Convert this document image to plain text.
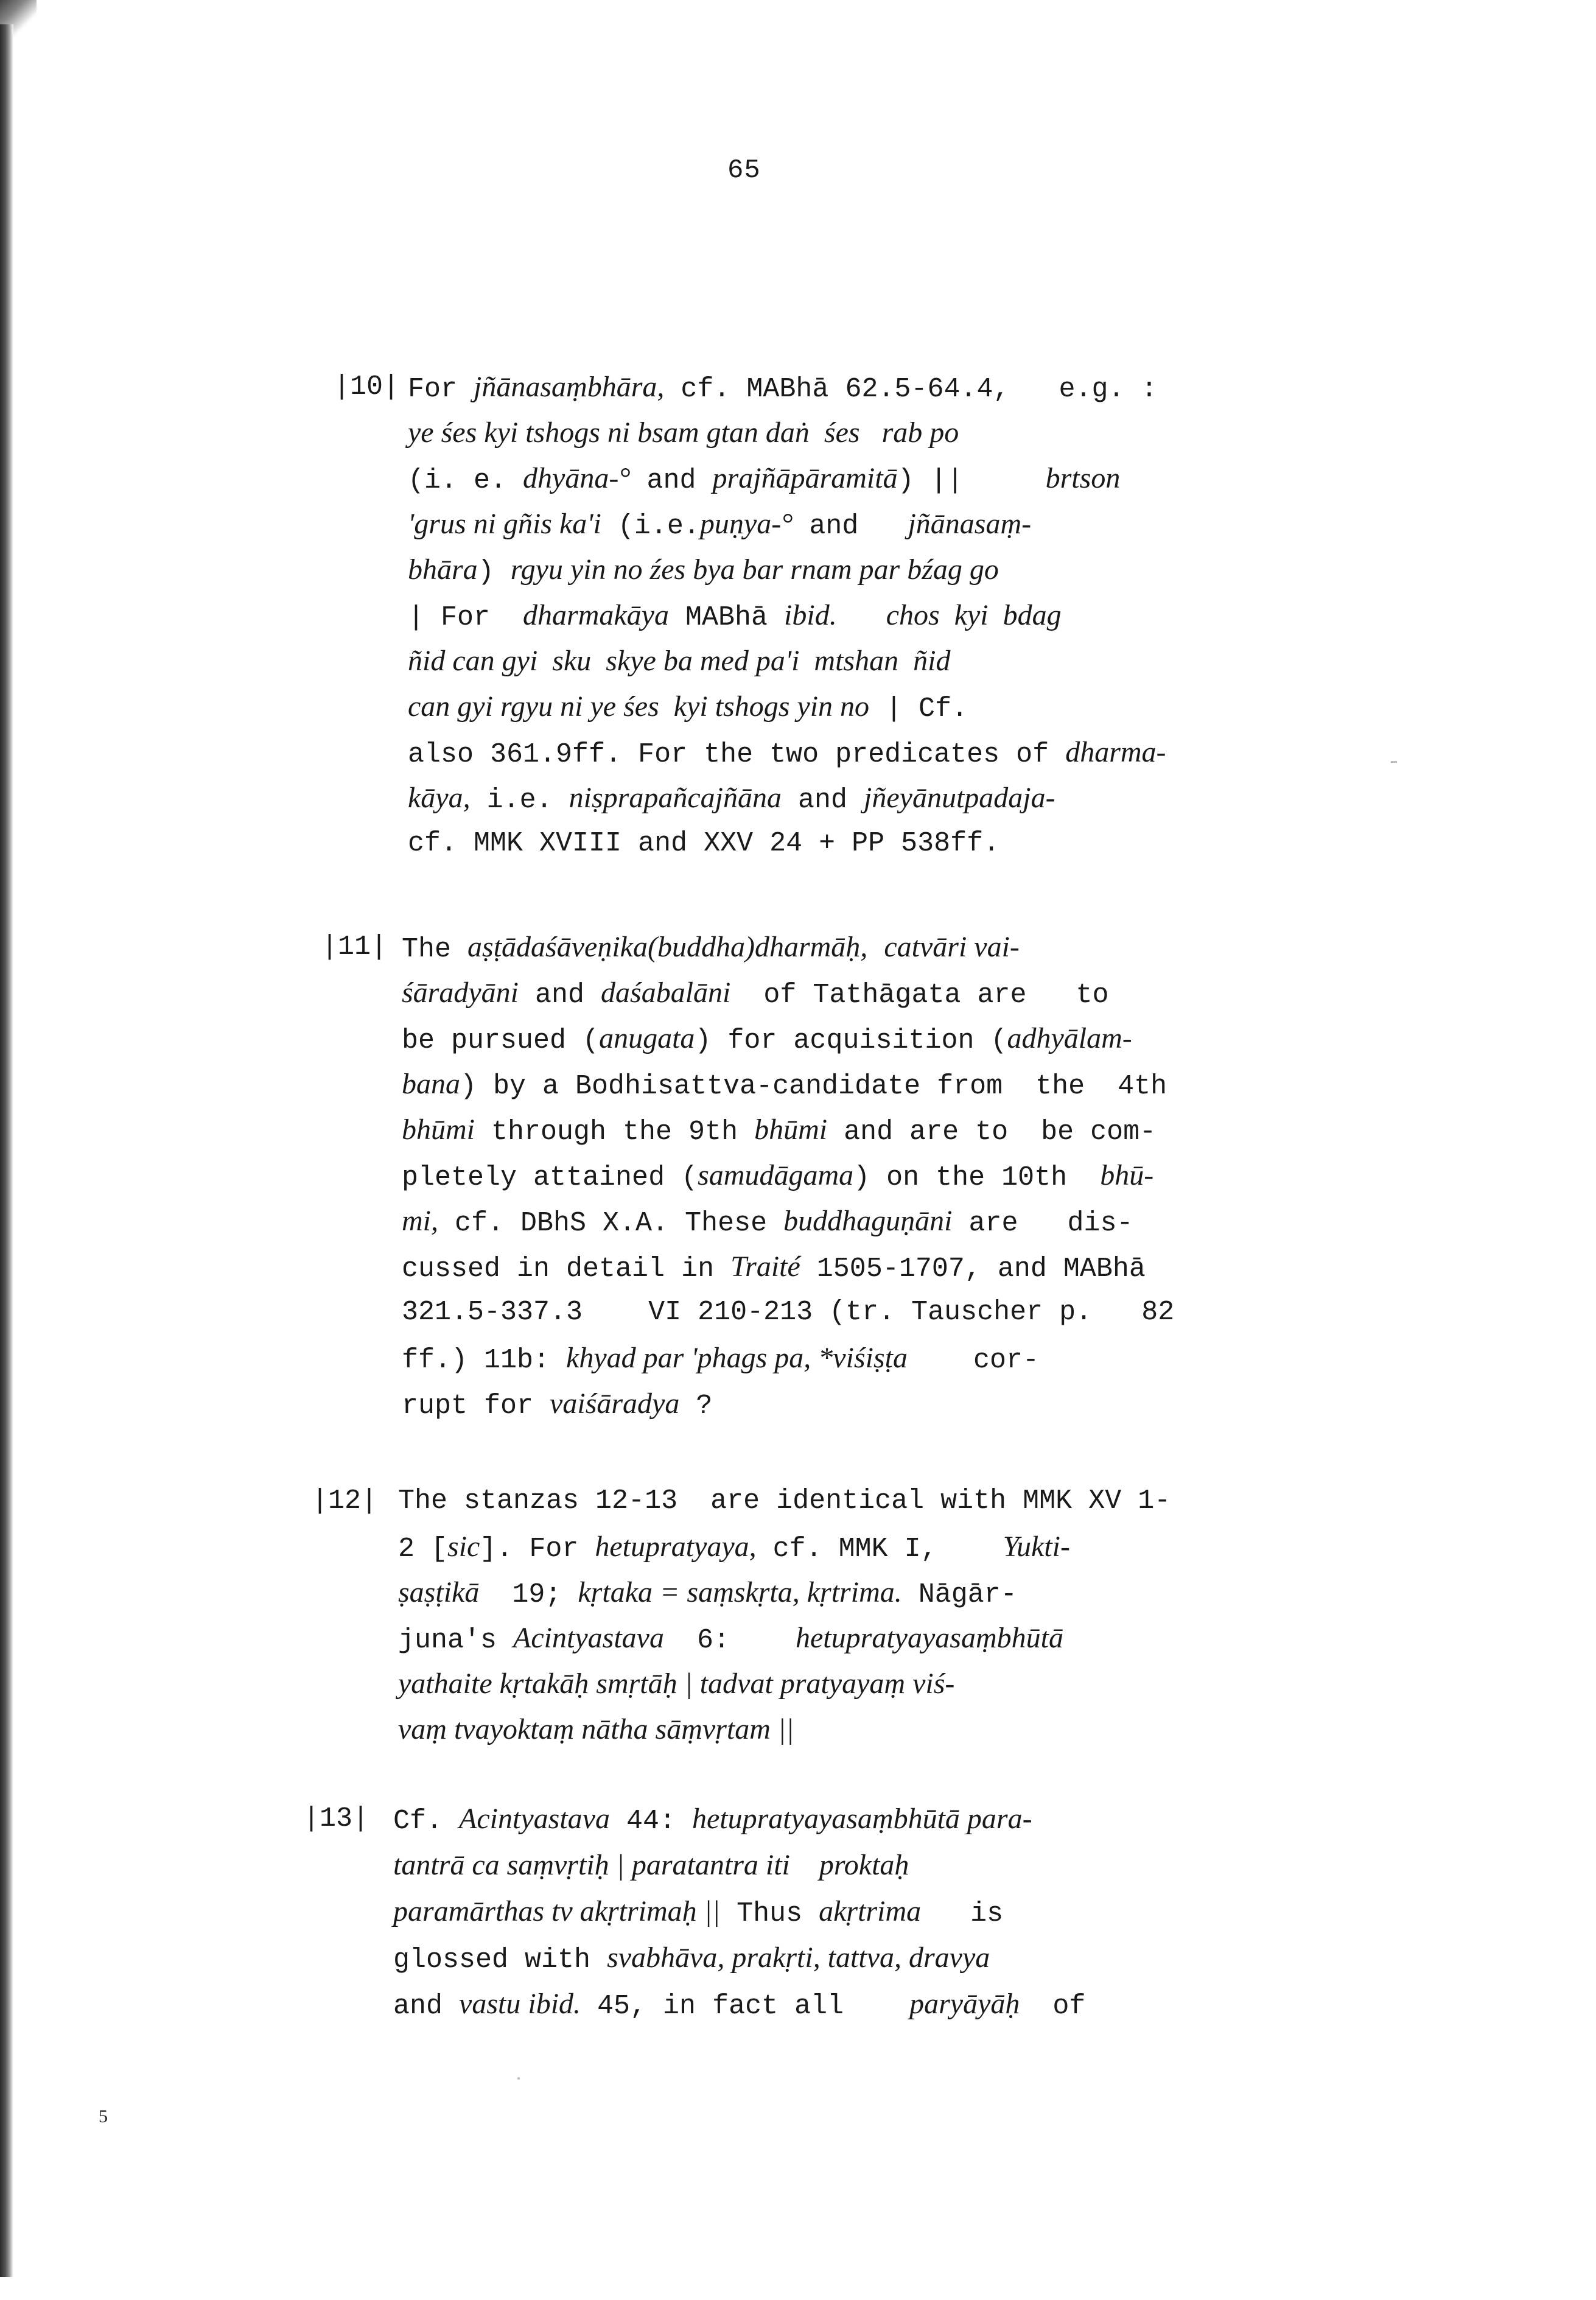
65
|10| For jñānasaṃbhāra, cf. MABhā 62.5-64.4,   e.g. :
ye śes kyi tshogs ni bsam gtan daṅ  śes   rab po
(i. e. dhyāna-° and prajñāpāramitā) ||     brtson
'grus ni gñis ka'i (i.e.puṇya-° and   jñānasaṃ-
bhāra) rgyu yin no źes bya bar rnam par bźag go
| For  dharmakāya MABhā ibid. chos  kyi  bdag
ñid can gyi  sku  skye ba med pa'i  mtshan  ñid
can gyi rgyu ni ye śes  kyi tshogs yin no | Cf.
also 361.9ff. For the two predicates of dharma-
kāya, i.e. niṣprapañcajñāna and jñeyānutpadaja-
cf. MMK XVIII and XXV 24 + PP 538ff.
|11| The aṣṭādaśāveṇika(buddha)dharmāḥ, catvāri vai-
śāradyāni and daśabalāni  of Tathāgata are   to
be pursued (anugata) for acquisition (adhyālam-
bana) by a Bodhisattva-candidate from  the  4th
bhūmi through the 9th bhūmi and are to  be com-
pletely attained (samudāgama) on the 10th  bhū-
mi, cf. DBhS X.A. These buddhaguṇāni are   dis-
cussed in detail in Traité 1505-1707, and MABhā
321.5-337.3    VI 210-213 (tr. Tauscher p.   82
ff.) 11b: khyad par 'phags pa, *viśiṣṭa    cor-
rupt for vaiśāradya ?
|12| The stanzas 12-13  are identical with MMK XV 1-
2 [sic]. For hetupratyaya, cf. MMK I,    Yukti-
ṣaṣṭikā  19; kṛtaka = saṃskṛta, kṛtrima. Nāgār-
juna's Acintyastava  6:    hetupratyayasaṃbhūtā
yathaite kṛtakāḥ smṛtāḥ | tadvat pratyayaṃ viś-
vaṃ tvayoktaṃ nātha sāṃvṛtam ||
|13| Cf. Acintyastava 44: hetupratyayasaṃbhūtā para-
tantrā ca saṃvṛtiḥ | paratantra iti    proktaḥ
paramārthas tv akṛtrimaḥ || Thus akṛtrima   is
glossed with svabhāva, prakṛti, tattva, dravya
and vastu ibid. 45, in fact all    paryāyāḥ  of
5
